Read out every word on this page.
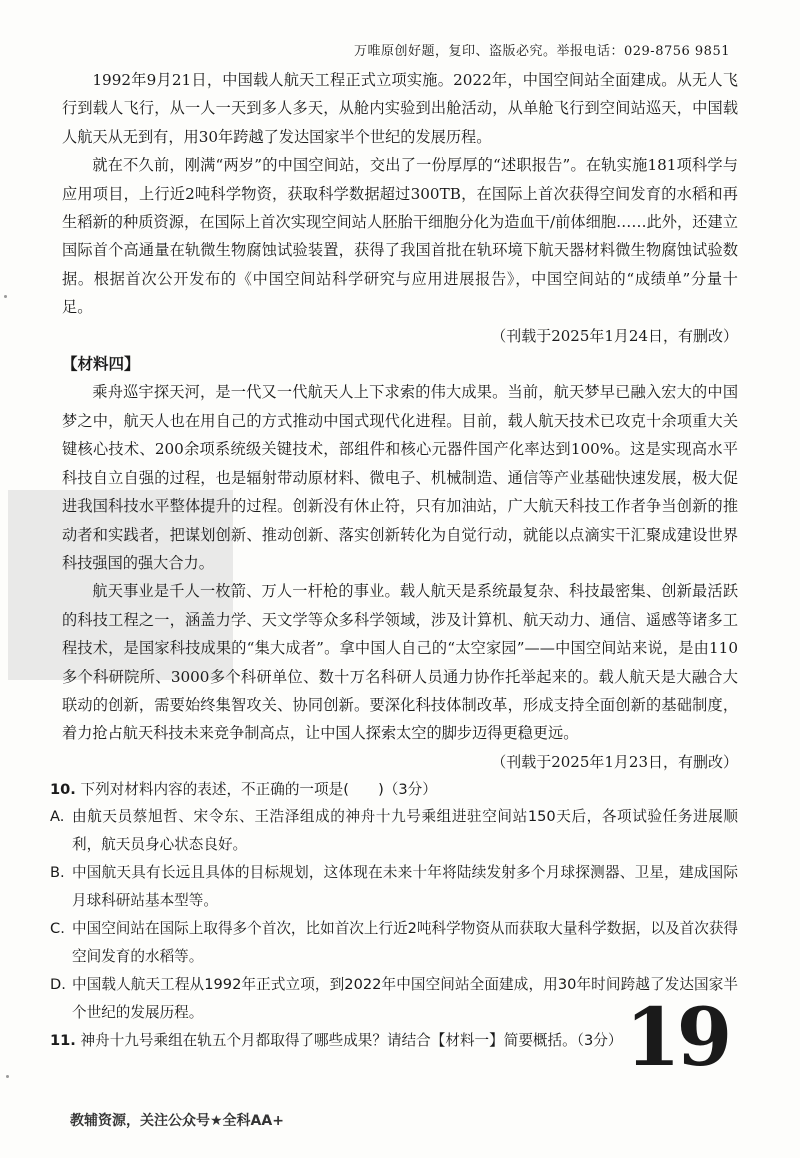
万唯原创好题，复印、盗版必究。举报电话：029-8756 9851

1992年9月21日，中国载人航天工程正式立项实施。2022年，中国空间站全面建成。从无人飞行到载人飞行，从一人一天到多人多天，从舱内实验到出舱活动，从单舱飞行到空间站巡天，中国载人航天从无到有，用30年跨越了发达国家半个世纪的发展历程。

就在不久前，刚满“两岁”的中国空间站，交出了一份厚厚的“述职报告”。在轨实施181项科学与应用项目，上行近2吨科学物资，获取科学数据超过300TB，在国际上首次获得空间发育的水稻和再生稻新的种质资源，在国际上首次实现空间站人胚胎干细胞分化为造血干/前体细胞……此外，还建立国际首个高通量在轨微生物腐蚀试验装置，获得了我国首批在轨环境下航天器材料微生物腐蚀试验数据。根据首次公开发布的《中国空间站科学研究与应用进展报告》，中国空间站的“成绩单”分量十足。

（刊载于2025年1月24日，有删改）

【材料四】

乘舟巡宇探天河，是一代又一代航天人上下求索的伟大成果。当前，航天梦早已融入宏大的中国梦之中，航天人也在用自己的方式推动中国式现代化进程。目前，载人航天技术已攻克十余项重大关键核心技术、200余项系统级关键技术，部组件和核心元器件国产化率达到100%。这是实现高水平科技自立自强的过程，也是辐射带动原材料、微电子、机械制造、通信等产业基础快速发展，极大促进我国科技水平整体提升的过程。创新没有休止符，只有加油站，广大航天科技工作者争当创新的推动者和实践者，把谋划创新、推动创新、落实创新转化为自觉行动，就能以点滴实干汇聚成建设世界科技强国的强大合力。

航天事业是千人一枚箭、万人一杆枪的事业。载人航天是系统最复杂、科技最密集、创新最活跃的科技工程之一，涵盖力学、天文学等众多科学领域，涉及计算机、航天动力、通信、遥感等诸多工程技术，是国家科技成果的“集大成者”。拿中国人自己的“太空家园”——中国空间站来说，是由110多个科研院所、3000多个科研单位、数十万名科研人员通力协作托举起来的。载人航天是大融合大联动的创新，需要始终集智攻关、协同创新。要深化科技体制改革，形成支持全面创新的基础制度，着力抢占航天科技未来竞争制高点，让中国人探索太空的脚步迈得更稳更远。

（刊载于2025年1月23日，有删改）

10. 下列对材料内容的表述，不正确的一项是(　　)（3分）

A. 由航天员蔡旭哲、宋令东、王浩泽组成的神舟十九号乘组进驻空间站150天后，各项试验任务进展顺利，航天员身心状态良好。

B. 中国航天具有长远且具体的目标规划，这体现在未来十年将陆续发射多个月球探测器、卫星，建成国际月球科研站基本型等。

C. 中国空间站在国际上取得多个首次，比如首次上行近2吨科学物资从而获取大量科学数据，以及首次获得空间发育的水稻等。

D. 中国载人航天工程从1992年正式立项，到2022年中国空间站全面建成，用30年时间跨越了发达国家半个世纪的发展历程。

11. 神舟十九号乘组在轨五个月都取得了哪些成果？请结合【材料一】简要概括。（3分） 19
教辅资源，关注公众号★全科AA+
